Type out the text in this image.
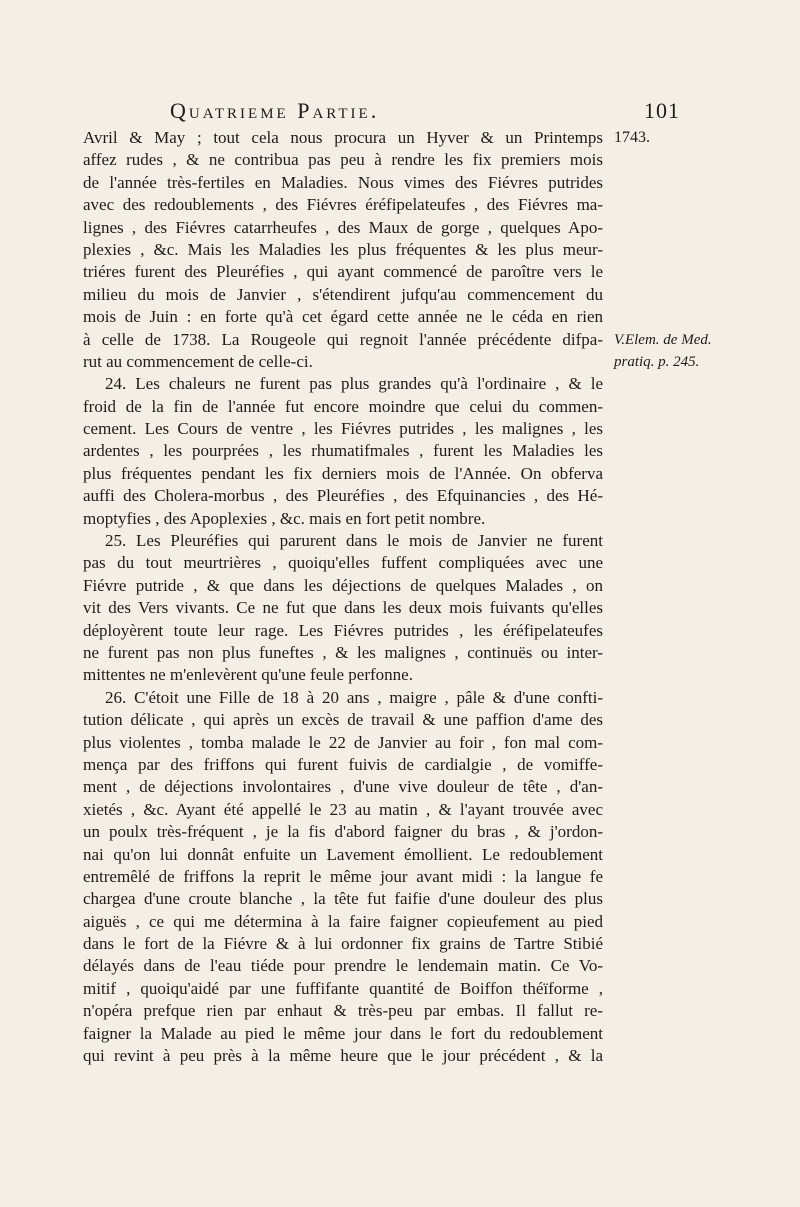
Quatrieme Partie.	101
1743.
V.Elem. de Med.
pratiq. p. 245.
Avril & May ; tout cela nous procura un Hyver & un Printemps
affez rudes , & ne contribua pas peu à rendre les fix premiers mois
de l'année très-fertiles en Maladies. Nous vimes des Fiévres putrides
avec des redoublements , des Fiévres éréfipelateufes , des Fiévres ma-
lignes , des Fiévres catarrheufes , des Maux de gorge , quelques Apo-
plexies , &c. Mais les Maladies les plus fréquentes & les plus meur-
triéres furent des Pleuréfies , qui ayant commencé de paroître vers le
milieu du mois de Janvier , s'étendirent jufqu'au commencement du
mois de Juin : en forte qu'à cet égard cette année ne le céda en rien
à celle de 1738. La Rougeole qui regnoit l'année précédente difpa-
rut au commencement de celle-ci.
24. Les chaleurs ne furent pas plus grandes qu'à l'ordinaire , & le
froid de la fin de l'année fut encore moindre que celui du commen-
cement. Les Cours de ventre , les Fiévres putrides , les malignes , les
ardentes , les pourprées , les rhumatifmales , furent les Maladies les
plus fréquentes pendant les fix derniers mois de l'Année. On obferva
auffi des Cholera-morbus , des Pleuréfies , des Efquinancies , des Hé-
moptyfies , des Apoplexies , &c. mais en fort petit nombre.
25. Les Pleuréfies qui parurent dans le mois de Janvier ne furent
pas du tout meurtrières , quoiqu'elles fuffent compliquées avec une
Fiévre putride , & que dans les déjections de quelques Malades , on
vit des Vers vivants. Ce ne fut que dans les deux mois fuivants qu'elles
déployèrent toute leur rage. Les Fiévres putrides , les éréfipelateufes
ne furent pas non plus funeftes , & les malignes , continuës ou inter-
mittentes ne m'enlevèrent qu'une feule perfonne.
26. C'étoit une Fille de 18 à 20 ans , maigre , pâle & d'une confti-
tution délicate , qui après un excès de travail & une paffion d'ame des
plus violentes , tomba malade le 22 de Janvier au foir , fon mal com-
mença par des friffons qui furent fuivis de cardialgie , de vomiffe-
ment , de déjections involontaires , d'une vive douleur de tête , d'an-
xietés , &c. Ayant été appellé le 23 au matin , & l'ayant trouvée avec
un poulx très-fréquent , je la fis d'abord faigner du bras , & j'ordon-
nai qu'on lui donnât enfuite un Lavement émollient. Le redoublement
entremêlé de friffons la reprit le même jour avant midi : la langue fe
chargea d'une croute blanche , la tête fut faifie d'une douleur des plus
aiguës , ce qui me détermina à la faire faigner copieufement au pied
dans le fort de la Fiévre & à lui ordonner fix grains de Tartre Stibié
délayés dans de l'eau tiéde pour prendre le lendemain matin. Ce Vo-
mitif , quoiqu'aidé par une fuffifante quantité de Boiffon théïforme ,
n'opéra prefque rien par enhaut & très-peu par embas. Il fallut re-
faigner la Malade au pied le même jour dans le fort du redoublement
qui revint à peu près à la même heure que le jour précédent , & la
